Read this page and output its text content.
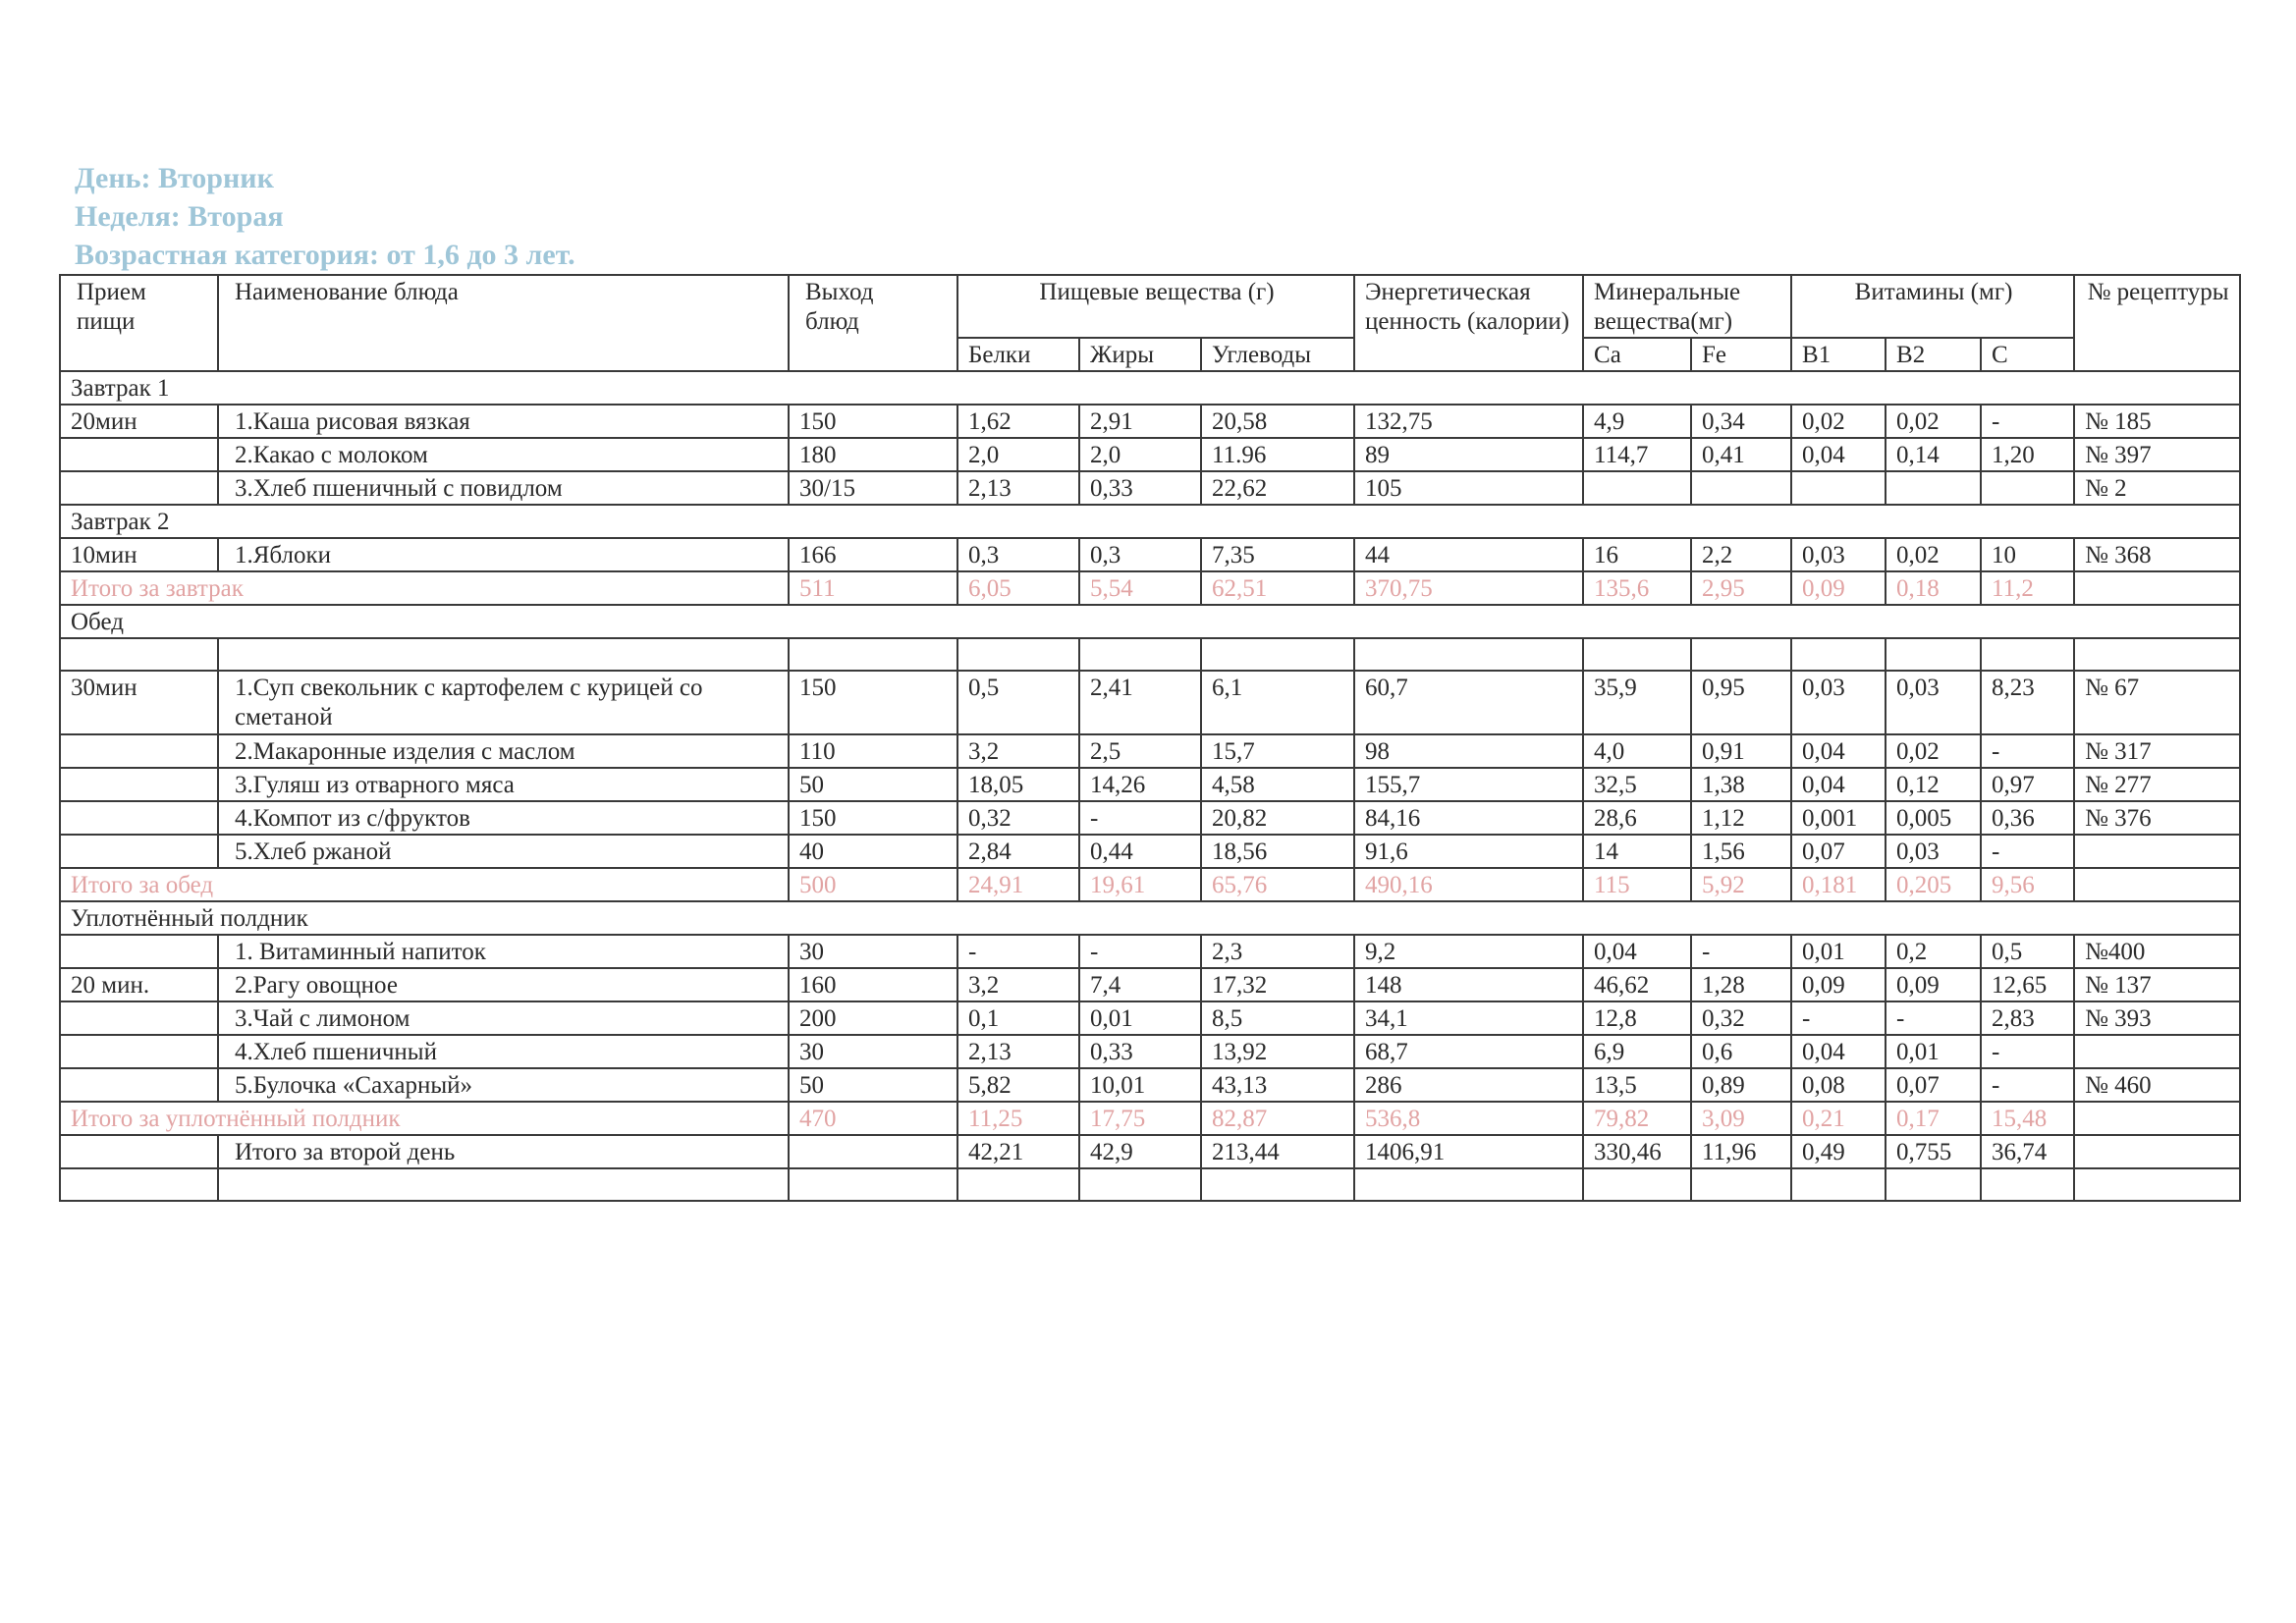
День: Вторник
Неделя: Вторая
Возрастная категория: от 1,6 до 3 лет.
Прием пищи	Наименование блюда	Выход блюд	Пищевые вещества (г)			Энергетическая ценность (калории)	Минеральные вещества(мг)		Витамины (мг)			№ рецептуры
			Белки	Жиры	Углеводы		Ca	Fe	B1	B2	C	
Завтрак 1												
20мин	1.Каша рисовая вязкая	150	1,62	2,91	20,58	132,75	4,9	0,34	0,02	0,02	-	№ 185
	2.Какао с молоком	180	2,0	2,0	11.96	89	114,7	0,41	0,04	0,14	1,20	№ 397
	3.Хлеб пшеничный с повидлом	30/15	2,13	0,33	22,62	105						№ 2
Завтрак 2												
10мин	1.Яблоки	166	0,3	0,3	7,35	44	16	2,2	0,03	0,02	10	№ 368
Итого за завтрак		511	6,05	5,54	62,51	370,75	135,6	2,95	0,09	0,18	11,2	
Обед												

30мин	1.Суп свекольник с картофелем с курицей со сметаной	150	0,5	2,41	6,1	60,7	35,9	0,95	0,03	0,03	8,23	№ 67
	2.Макаронные изделия с маслом	110	3,2	2,5	15,7	98	4,0	0,91	0,04	0,02	-	№ 317
	3.Гуляш из отварного мяса	50	18,05	14,26	4,58	155,7	32,5	1,38	0,04	0,12	0,97	№ 277
	4.Компот из с/фруктов	150	0,32	-	20,82	84,16	28,6	1,12	0,001	0,005	0,36	№ 376
	5.Хлеб ржаной	40	2,84	0,44	18,56	91,6	14	1,56	0,07	0,03	-	
Итого за обед		500	24,91	19,61	65,76	490,16	115	5,92	0,181	0,205	9,56	
Уплотнённый полдник												
	1. Витаминный напиток	30	-	-	2,3	9,2	0,04	-	0,01	0,2	0,5	№400
20 мин.	2.Рагу овощное	160	3,2	7,4	17,32	148	46,62	1,28	0,09	0,09	12,65	№ 137
	3.Чай с лимоном	200	0,1	0,01	8,5	34,1	12,8	0,32	-	-	2,83	№ 393
	4.Хлеб пшеничный	30	2,13	0,33	13,92	68,7	6,9	0,6	0,04	0,01	-	
	5.Булочка «Сахарный»	50	5,82	10,01	43,13	286	13,5	0,89	0,08	0,07	-	№ 460
Итого за уплотнённый полдник		470	11,25	17,75	82,87	536,8	79,82	3,09	0,21	0,17	15,48	
	Итого за второй день		42,21	42,9	213,44	1406,91	330,46	11,96	0,49	0,755	36,74	
